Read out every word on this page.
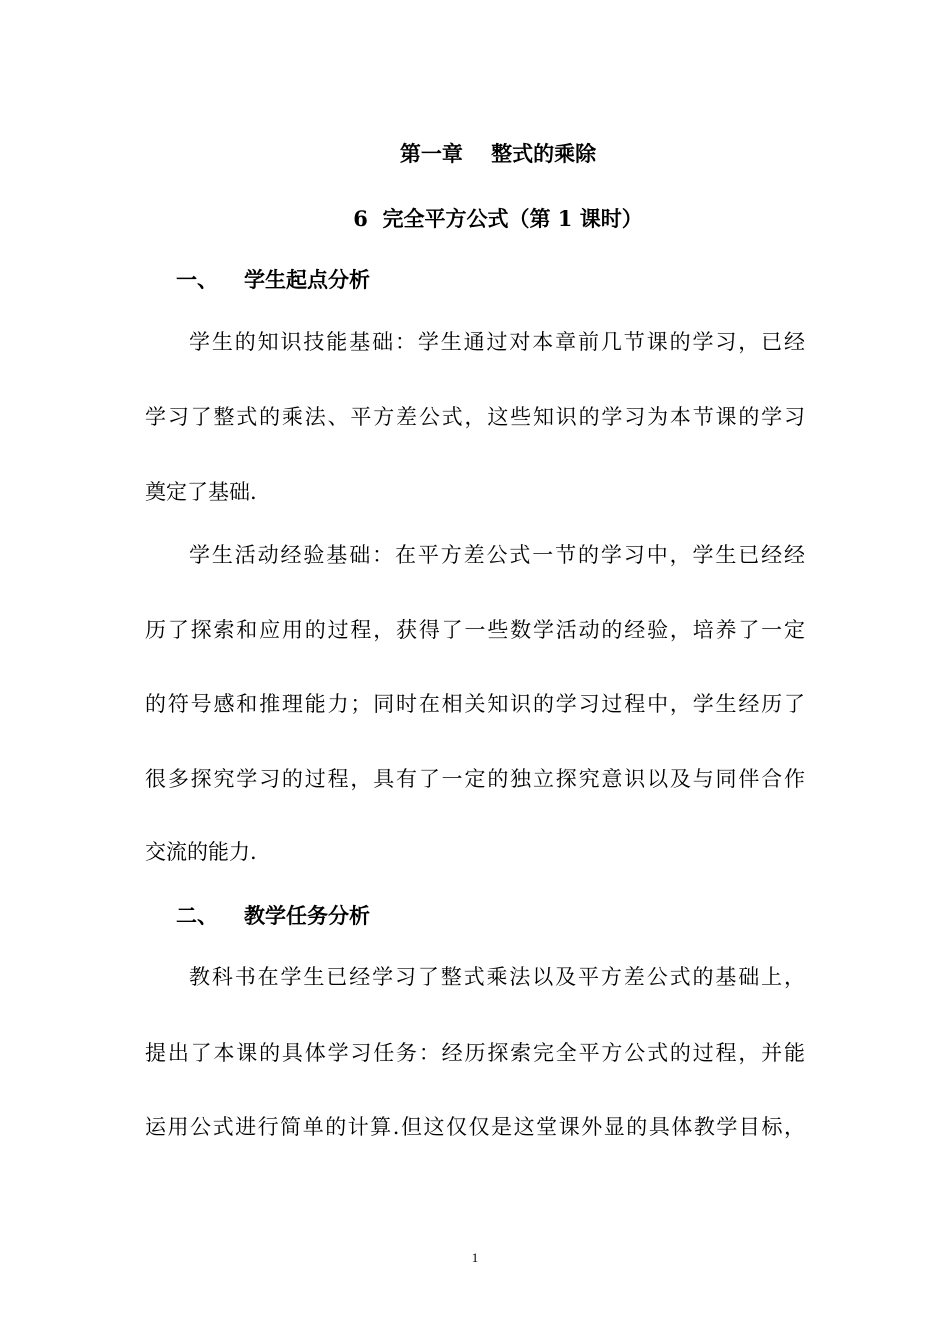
第一章　 整式的乘除
6  完全平方公式（第 1 课时）
一、 学生起点分析
学生的知识技能基础：学生通过对本章前几节课的学习，已经
学习了整式的乘法、平方差公式，这些知识的学习为本节课的学习
奠定了基础.
学生活动经验基础：在平方差公式一节的学习中，学生已经经
历了探索和应用的过程，获得了一些数学活动的经验，培养了一定
的符号感和推理能力；同时在相关知识的学习过程中，学生经历了
很多探究学习的过程，具有了一定的独立探究意识以及与同伴合作
交流的能力.
二、 教学任务分析
教科书在学生已经学习了整式乘法以及平方差公式的基础上，
提出了本课的具体学习任务：经历探索完全平方公式的过程，并能
运用公式进行简单的计算.但这仅仅是这堂课外显的具体教学目标，
1
